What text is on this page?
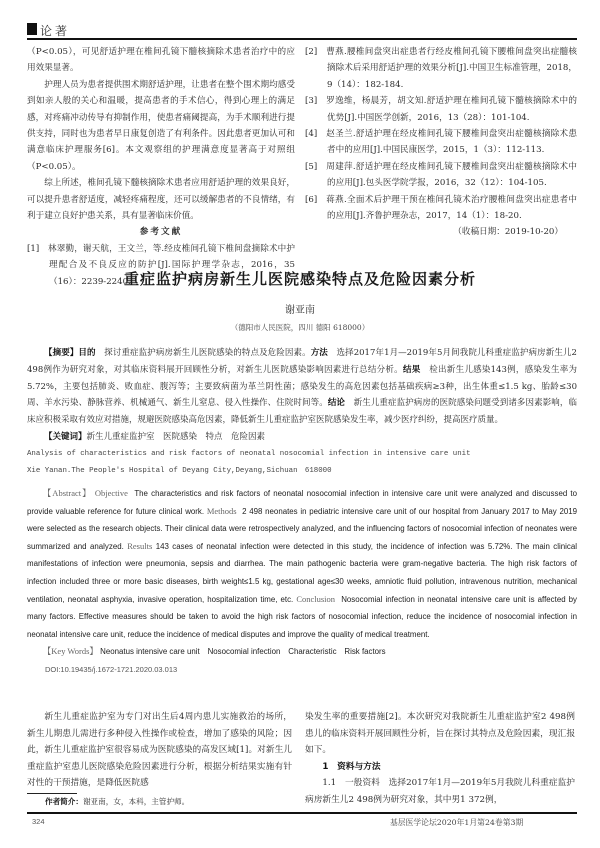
论著

（P<0.05），可见舒适护理在椎间孔镜下髓核摘除术患者治疗中的应用效果显著。

护理人员为患者提供围术期舒适护理，让患者在整个围术期均感受到如亲人般的关心和温暖，提高患者的手术信心，得到心理上的满足感，对疼痛冲动传导有抑制作用，使患者痛阈提高，为手术顺利进行提供支持，同时也为患者早日康复创造了有利条件。因此患者更加认可和满意临床护理服务[6]。本文观察组的护理满意度显著高于对照组（P<0.05）。

综上所述，椎间孔镜下髓核摘除术患者应用舒适护理的效果良好，可以提升患者舒适度，减轻疼痛程度，还可以缓解患者的不良情绪，有利于建立良好护患关系，具有显著临床价值。

参考文献

[1]　林翠勤，谢天航，王文兰，等.经皮椎间孔镜下椎间盘摘除术中护理配合及不良反应的防护[J].国际护理学杂志，2016，35（16）：2239-2240.

[2]　曹燕.腰椎间盘突出症患者行经皮椎间孔镜下腰椎间盘突出症髓核摘除术后采用舒适护理的效果分析[J].中国卫生标准管理，2018，9（14）：182-184.

[3]　罗逸维，杨晨芳，胡文知.舒适护理在椎间孔镜下髓核摘除术中的优势[J].中国医学创新，2016，13（28）：101-104.

[4]　赵圣兰.舒适护理在经皮椎间孔镜下腰椎间盘突出症髓核摘除术患者中的应用[J].中国民康医学，2015，1（3）：112-113.

[5]　周建萍.舒适护理在经皮椎间孔镜下腰椎间盘突出症髓核摘除术中的应用[J].包头医学院学报，2016，32（12）：104-105.

[6]　蒋燕.全面术后护理干预在椎间孔镜术治疗腰椎间盘突出症患者中的应用[J].齐鲁护理杂志，2017，14（1）：18-20.

（收稿日期：2019-10-20）

重症监护病房新生儿医院感染特点及危险因素分析
谢亚南
（德阳市人民医院，四川 德阳 618000）

【摘要】目的　 探讨重症监护病房新生儿医院感染的特点及危险因素。方法　 选择2017年1月—2019年5月间我院儿科重症监护病房新生儿2 498例作为研究对象，对其临床资料展开回顾性分析，对新生儿医院感染影响因素进行总结分析。结果　 检出新生儿感染143例，感染发生率为5.72%，主要包括肺炎、败血症、腹泻等；主要致病菌为革兰阴性菌；感染发生的高危因素包括基础疾病≥3种，出生体重≤1.5 kg、胎龄≤30周、羊水污染、静脉营养、机械通气、新生儿窒息、侵入性操作、住院时间等。结论　 新生儿重症监护病房的医院感染问题受到诸多因素影响，临床应积极采取有效应对措施，规避医院感染高危因素，降低新生儿重症监护室医院感染发生率，减少医疗纠纷，提高医疗质量。

【关键词】新生儿重症监护室　医院感染　特点　危险因素

Analysis of characteristics and risk factors of neonatal nosocomial infection in intensive care unit

Xie Yanan.The People's Hospital of Deyang City,Deyang,Sichuan　618000

【Abstract】 Objective The characteristics and risk factors of neonatal nosocomial infection in intensive care unit were analyzed and discussed to provide valuable reference for future clinical work. Methods 2 498 neonates in pediatric intensive care unit of our hospital from January 2017 to May 2019 were selected as the research objects. Their clinical data were retrospectively analyzed, and the influencing factors of nosocomial infection of neonates were summarized and analyzed. Results 143 cases of neonatal infection were detected in this study, the incidence of infection was 5.72%. The main clinical manifestations of infection were pneumonia, sepsis and diarrhea. The main pathogenic bacteria were gram-negative bacteria. The high risk factors of infection included three or more basic diseases, birth weight≤1.5 kg, gestational age≤30 weeks, amniotic fluid pollution, intravenous nutrition, mechanical ventilation, neonatal asphyxia, invasive operation, hospitalization time, etc. Conclusion Nosocomial infection in neonatal intensive care unit is affected by many factors. Effective measures should be taken to avoid the high risk factors of nosocomial infection, reduce the incidence of nosocomial infection in neonatal intensive care unit, reduce the incidence of medical disputes and improve the quality of medical treatment.

【Key Words】 Neonatus intensive care unit　Nosocomial infection　Characteristic　Risk factors

DOI:10.19435/j.1672-1721.2020.03.013

新生儿重症监护室为专门对出生后4周内患儿实施救治的场所，新生儿期患儿需进行多种侵入性操作或检查，增加了感染的风险；因此，新生儿重症监护室很容易成为医院感染的高发区域[1]。对新生儿重症监护室患儿医院感染危险因素进行分析，根据分析结果实施有针对性的干预措施，是降低医院感

染发生率的重要措施[2]。本次研究对我院新生儿重症监护室2 498例患儿的临床资料开展回顾性分析，旨在探讨其特点及危险因素，现汇报如下。

1　资料与方法

1.1　一般资料　 选择2017年1月—2019年5月我院儿科重症监护病房新生儿2 498例为研究对象，其中男1 372例，

作者简介：谢亚南，女，本科，主管护师。
324	基层医学论坛2020年1月第24卷第3期
